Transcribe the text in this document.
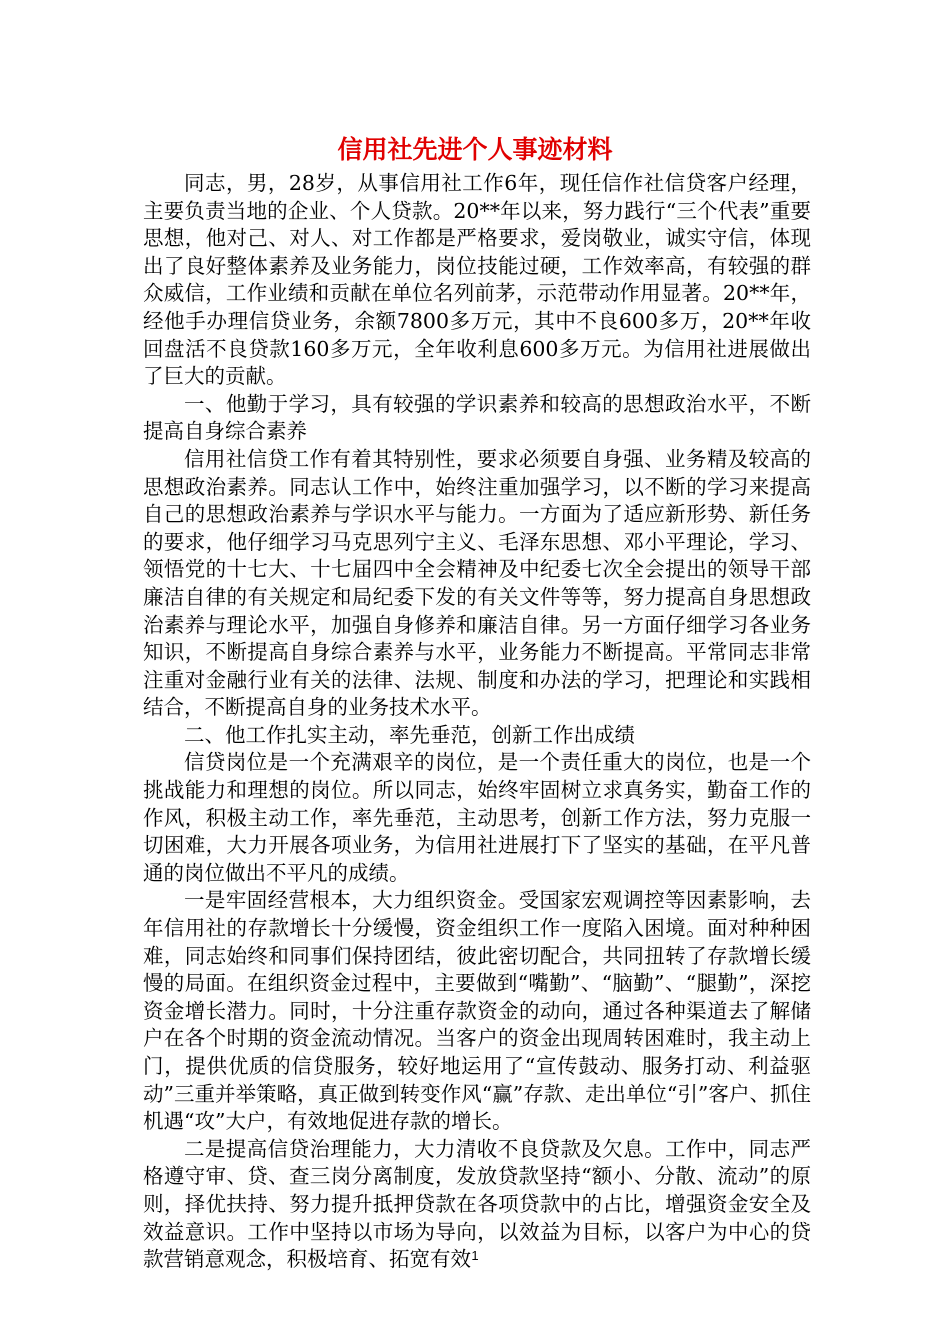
信用社先进个人事迹材料

同志，男，28岁，从事信用社工作6年，现任信作社信贷客户经理，主要负责当地的企业、个人贷款。20**年以来，努力践行“三个代表”重要思想，他对己、对人、对工作都是严格要求，爱岗敬业，诚实守信，体现出了良好整体素养及业务能力，岗位技能过硬，工作效率高，有较强的群众威信，工作业绩和贡献在单位名列前茅，示范带动作用显著。20**年，经他手办理信贷业务，余额7800多万元，其中不良600多万，20**年收回盘活不良贷款160多万元，全年收利息600多万元。为信用社进展做出了巨大的贡献。

一、他勤于学习，具有较强的学识素养和较高的思想政治水平，不断提高自身综合素养

信用社信贷工作有着其特别性，要求必须要自身强、业务精及较高的思想政治素养。同志认工作中，始终注重加强学习，以不断的学习来提高自己的思想政治素养与学识水平与能力。一方面为了适应新形势、新任务的要求，他仔细学习马克思列宁主义、毛泽东思想、邓小平理论，学习、领悟党的十七大、十七届四中全会精神及中纪委七次全会提出的领导干部廉洁自律的有关规定和局纪委下发的有关文件等等，努力提高自身思想政治素养与理论水平，加强自身修养和廉洁自律。另一方面仔细学习各业务知识，不断提高自身综合素养与水平，业务能力不断提高。平常同志非常注重对金融行业有关的法律、法规、制度和办法的学习，把理论和实践相结合，不断提高自身的业务技术水平。

二、他工作扎实主动，率先垂范，创新工作出成绩

信贷岗位是一个充满艰辛的岗位，是一个责任重大的岗位，也是一个挑战能力和理想的岗位。所以同志，始终牢固树立求真务实，勤奋工作的作风，积极主动工作，率先垂范，主动思考，创新工作方法，努力克服一切困难，大力开展各项业务，为信用社进展打下了坚实的基础，在平凡普通的岗位做出不平凡的成绩。

一是牢固经营根本，大力组织资金。受国家宏观调控等因素影响，去年信用社的存款增长十分缓慢，资金组织工作一度陷入困境。面对种种困难，同志始终和同事们保持团结，彼此密切配合，共同扭转了存款增长缓慢的局面。在组织资金过程中，主要做到“嘴勤”、“脑勤”、“腿勤”，深挖资金增长潜力。同时，十分注重存款资金的动向，通过各种渠道去了解储户在各个时期的资金流动情况。当客户的资金出现周转困难时，我主动上门，提供优质的信贷服务，较好地运用了“宣传鼓动、服务打动、利益驱动”三重并举策略，真正做到转变作风“赢”存款、走出单位“引”客户、抓住机遇“攻”大户，有效地促进存款的增长。

二是提高信贷治理能力，大力清收不良贷款及欠息。工作中，同志严格遵守审、贷、查三岗分离制度，发放贷款坚持“额小、分散、流动”的原则，择优扶持、努力提升抵押贷款在各项贷款中的占比，增强资金安全及效益意识。工作中坚持以市场为导向，以效益为目标，以客户为中心的贷款营销意观念，积极培育、拓宽有效 1
